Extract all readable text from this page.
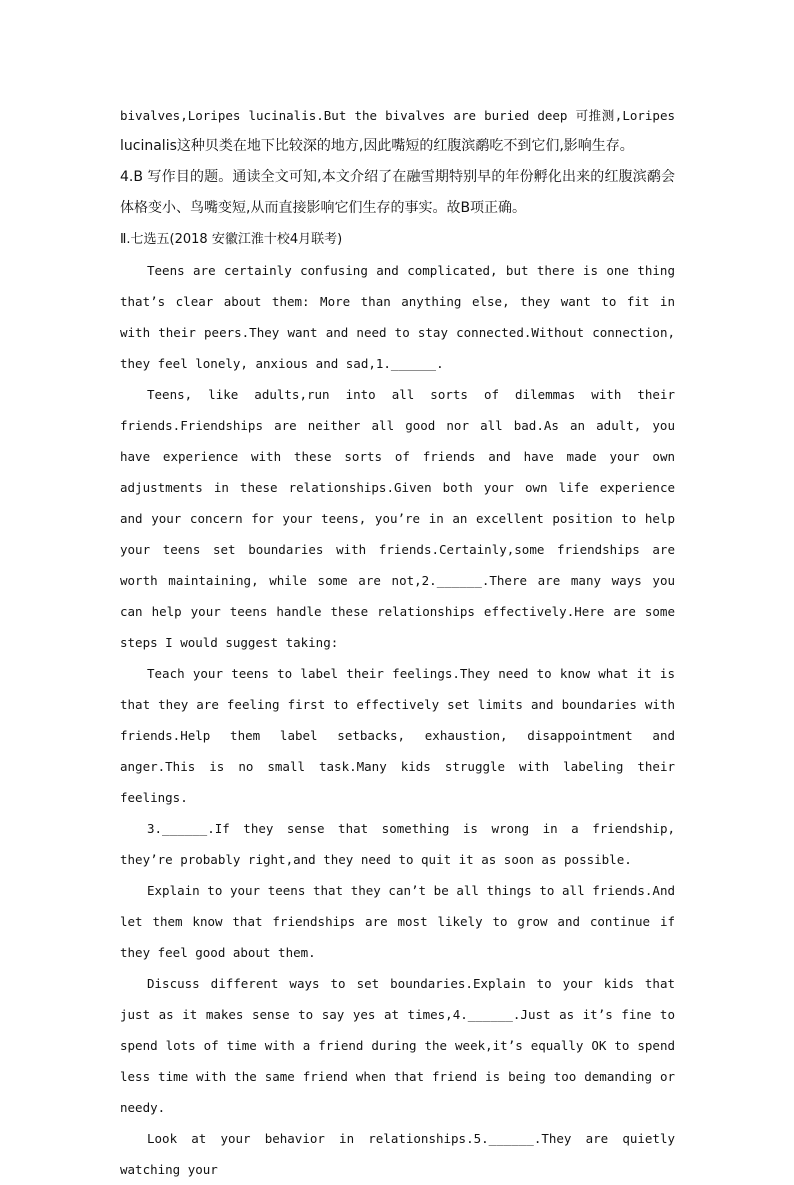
bivalves,Loripes lucinalis.But the bivalves are buried deep 可推测,Loripes

lucinalis这种贝类在地下比较深的地方,因此嘴短的红腹滨鹬吃不到它们,影响生存。

4.B 写作目的题。通读全文可知,本文介绍了在融雪期特别早的年份孵化出来的红腹滨鹬会体格变小、鸟嘴变短,从而直接影响它们生存的事实。故B项正确。

Ⅱ.七选五(2018 安徽江淮十校4月联考)

Teens are certainly confusing and complicated, but there is one thing that’s clear about them: More than anything else, they want to fit in with their peers.They want and need to stay connected.Without connection, they feel lonely, anxious and sad,1.______.

Teens, like adults,run into all sorts of dilemmas with their friends.Friendships are neither all good nor all bad.As an adult, you have experience with these sorts of friends and have made your own adjustments in these relationships.Given both your own life experience and your concern for your teens, you’re in an excellent position to help your teens set boundaries with friends.Certainly,some friendships are worth maintaining, while some are not,2.______.There are many ways you can help your teens handle these relationships effectively.Here are some steps I would suggest taking:

Teach your teens to label their feelings.They need to know what it is that they are feeling first to effectively set limits and boundaries with friends.Help them label setbacks, exhaustion, disappointment and anger.This is no small task.Many kids struggle with labeling their feelings.

3.______.If they sense that something is wrong in a friendship, they’re probably right,and they need to quit it as soon as possible.

Explain to your teens that they can’t be all things to all friends.And let them know that friendships are most likely to grow and continue if they feel good about them.

Discuss different ways to set boundaries.Explain to your kids that just as it makes sense to say yes at times,4.______.Just as it’s fine to spend lots of time with a friend during the week,it’s equally OK to spend less time with the same friend when that friend is being too demanding or needy.

Look at your behavior in relationships.5.______.They are quietly watching your
